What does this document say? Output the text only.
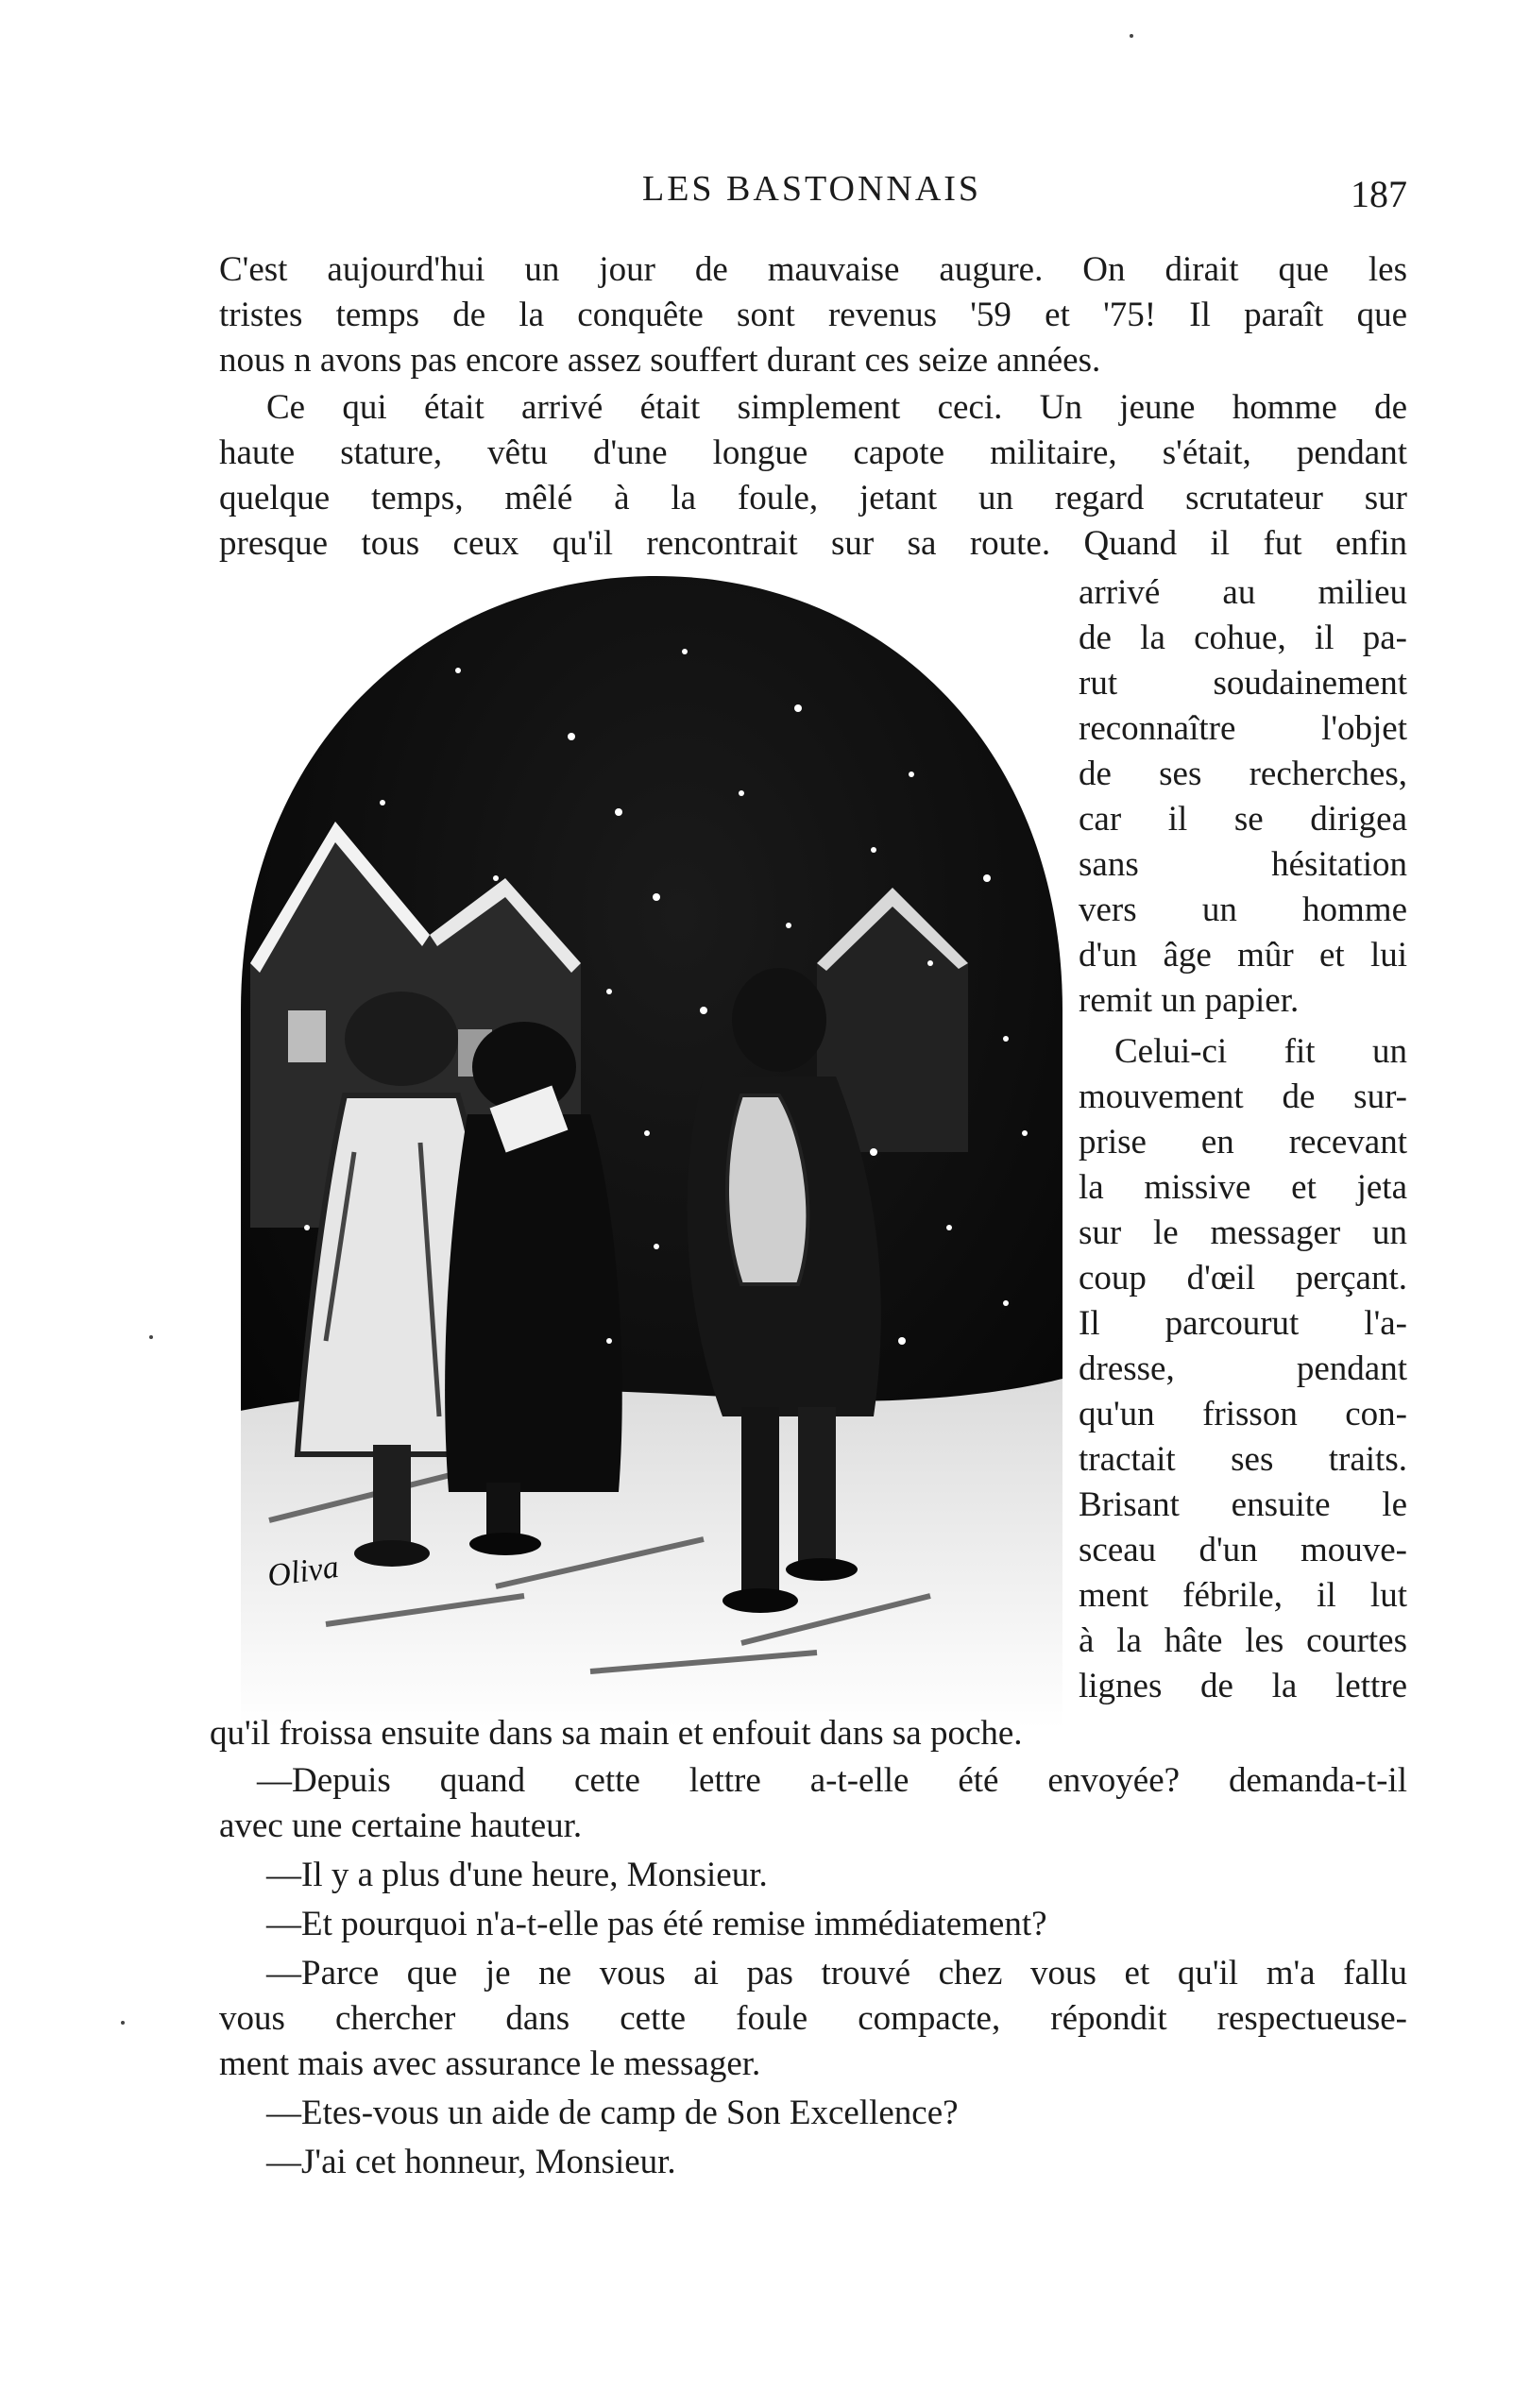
LES BASTONNAIS	187
C'est aujourd'hui un jour de mauvaise augure. On dirait que les
tristes temps de la conquête sont revenus '59 et '75! Il paraît que
nous n avons pas encore assez souffert durant ces seize années.
Ce qui était arrivé était simplement ceci. Un jeune homme de
haute stature, vêtu d'une longue capote militaire, s'était, pendant
quelque temps, mêlé à la foule, jetant un regard scrutateur sur
presque tous ceux qu'il rencontrait sur sa route. Quand il fut enfin
arrivé au milieu
de la cohue, il pa-
rut soudainement
reconnaître l'objet
de ses recherches,
car il se dirigea
sans hésitation
vers un homme
d'un âge mûr et lui
remit un papier.
Celui-ci fit un
mouvement de sur-
prise en recevant
la missive et jeta
sur le messager un
coup d'œil perçant.
Il parcourut l'a-
dresse, pendant
qu'un frisson con-
tractait ses traits.
Brisant ensuite le
sceau d'un mouve-
ment fébrile, il lut
à la hâte les courtes
lignes de la lettre
Oliva
qu'il froissa ensuite dans sa main et enfouit dans sa poche.
—Depuis quand cette lettre a-t-elle été envoyée? demanda-t-il
avec une certaine hauteur.
—Il y a plus d'une heure, Monsieur.
—Et pourquoi n'a-t-elle pas été remise immédiatement?
—Parce que je ne vous ai pas trouvé chez vous et qu'il m'a fallu
vous chercher dans cette foule compacte, répondit respectueuse-
ment mais avec assurance le messager.
—Etes-vous un aide de camp de Son Excellence?
—J'ai cet honneur, Monsieur.
